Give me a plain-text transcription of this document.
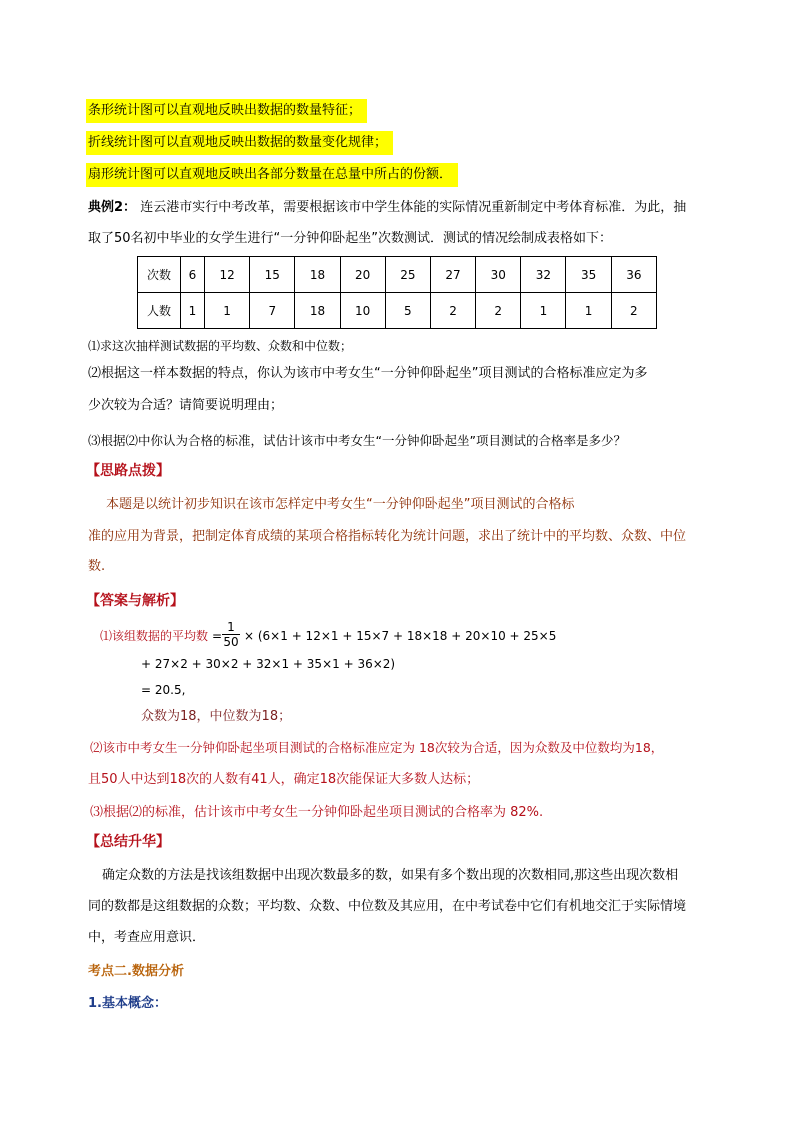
条形统计图可以直观地反映出数据的数量特征；
折线统计图可以直观地反映出数据的数量变化规律；
扇形统计图可以直观地反映出各部分数量在总量中所占的份额．
典例2： 连云港市实行中考改革，需要根据该市中学生体能的实际情况重新制定中考体育标准．为此，抽
取了50名初中毕业的女学生进行“一分钟仰卧起坐”次数测试．测试的情况绘制成表格如下：
次数	6	12	15	18	20	25	27	30	32	35	36
人数	1	1	7	18	10	5	2	2	1	1	2
⑴求这次抽样测试数据的平均数、众数和中位数；
⑵根据这一样本数据的特点，你认为该市中考女生“一分钟仰卧起坐”项目测试的合格标准应定为多
少次较为合适？请简要说明理由；
⑶根据⑵中你认为合格的标准，试估计该市中考女生“一分钟仰卧起坐”项目测试的合格率是多少？
【思路点拨】
本题是以统计初步知识在该市怎样定中考女生“一分钟仰卧起坐”项目测试的合格标
准的应用为背景，把制定体育成绩的某项合格指标转化为统计问题，求出了统计中的平均数、众数、中位
数.
【答案与解析】
⑴该组数据的平均数 = $\frac{1}{50} \times (6\times 1 + 12\times 1 + 15\times 7 + 18\times 18 + 20\times 10 + 25\times 5$
+ 27×2 + 30×2 + 32×1 + 35×1 + 36×2)
= 20.5,
众数为18，中位数为18；
⑵该市中考女生一分钟仰卧起坐项目测试的合格标准应定为 18次较为合适，因为众数及中位数均为18，
且50人中达到18次的人数有41人，确定18次能保证大多数人达标；
⑶根据⑵的标准，估计该市中考女生一分钟仰卧起坐项目测试的合格率为 82%.
【总结升华】
确定众数的方法是找该组数据中出现次数最多的数，如果有多个数出现的次数相同,那这些出现次数相
同的数都是这组数据的众数；平均数、众数、中位数及其应用，在中考试卷中它们有机地交汇于实际情境
中，考查应用意识．
考点二.数据分析
1.基本概念：
